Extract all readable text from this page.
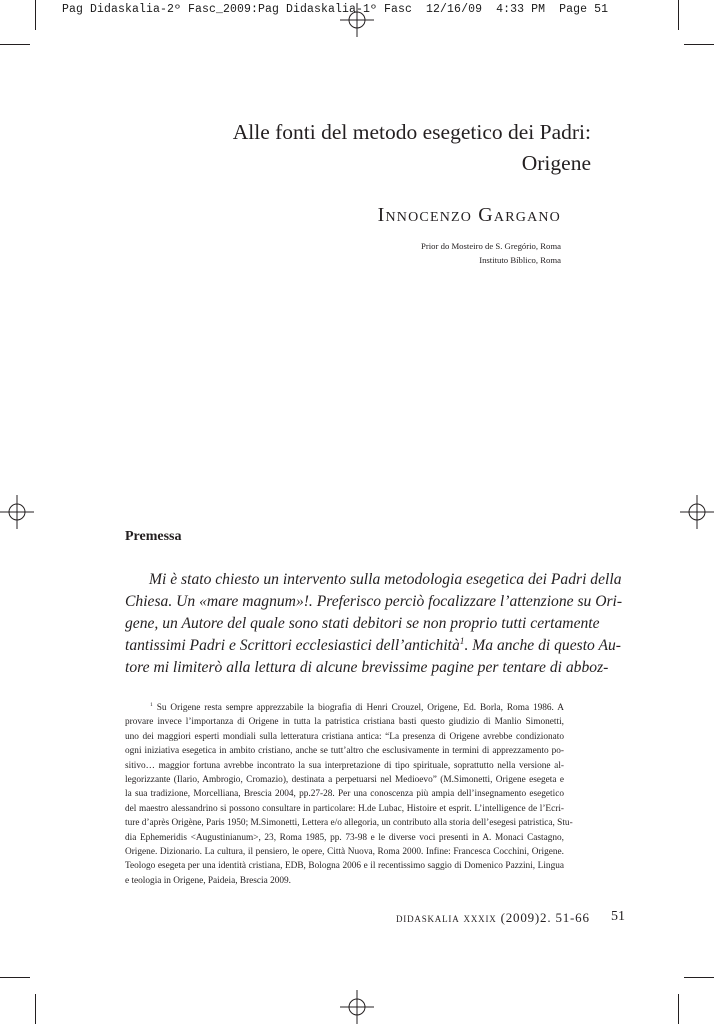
Pag Didaskalia-2º Fasc_2009:Pag Didaskalia-1º Fasc  12/16/09  4:33 PM  Page 51
Alle fonti del metodo esegetico dei Padri:
Origene
Innocenzo Gargano
Prior do Mosteiro de S. Gregório, Roma
Instituto Bíblico, Roma
Premessa
Mi è stato chiesto un intervento sulla metodologia esegetica dei Padri della
Chiesa. Un «mare magnum»!. Preferisco perciò focalizzare l’attenzione su Ori-
gene, un Autore del quale sono stati debitori se non proprio tutti certamente
tantissimi Padri e Scrittori ecclesiastici dell’antichità$^1$. Ma anche di questo Au-
tore mi limiterò alla lettura di alcune brevissime pagine per tentare di abboz-
$^1$ Su Origene resta sempre apprezzabile la biografia di Henri Crouzel, Origene, Ed. Borla, Roma 1986. A
provare invece l’importanza di Origene in tutta la patristica cristiana basti questo giudizio di Manlio Simonetti,
uno dei maggiori esperti mondiali sulla letteratura cristiana antica: “La presenza di Origene avrebbe condizionato
ogni iniziativa esegetica in ambito cristiano, anche se tutt’altro che esclusivamente in termini di apprezzamento po-
sitivo… maggior fortuna avrebbe incontrato la sua interpretazione di tipo spirituale, soprattutto nella versione al-
legorizzante (Ilario, Ambrogio, Cromazio), destinata a perpetuarsi nel Medioevo” (M.Simonetti, Origene esegeta e
la sua tradizione, Morcelliana, Brescia 2004, pp.27-28. Per una conoscenza più ampia dell’insegnamento esegetico
del maestro alessandrino si possono consultare in particolare: H.de Lubac, Histoire et esprit. L’intelligence de l’Ecri-
ture d’après Origène, Paris 1950; M.Simonetti, Lettera e/o allegoria, un contributo alla storia dell’esegesi patristica, Stu-
dia Ephemeridis <Augustinianum>, 23, Roma 1985, pp. 73-98 e le diverse voci presenti in A. Monaci Castagno,
Origene. Dizionario. La cultura, il pensiero, le opere, Città Nuova, Roma 2000. Infine: Francesca Cocchini, Origene.
Teologo esegeta per una identità cristiana, EDB, Bologna 2006 e il recentissimo saggio di Domenico Pazzini, Lingua
e teologia in Origene, Paideia, Brescia 2009.
didaskalia xxxix (2009)2. 51-66 51
